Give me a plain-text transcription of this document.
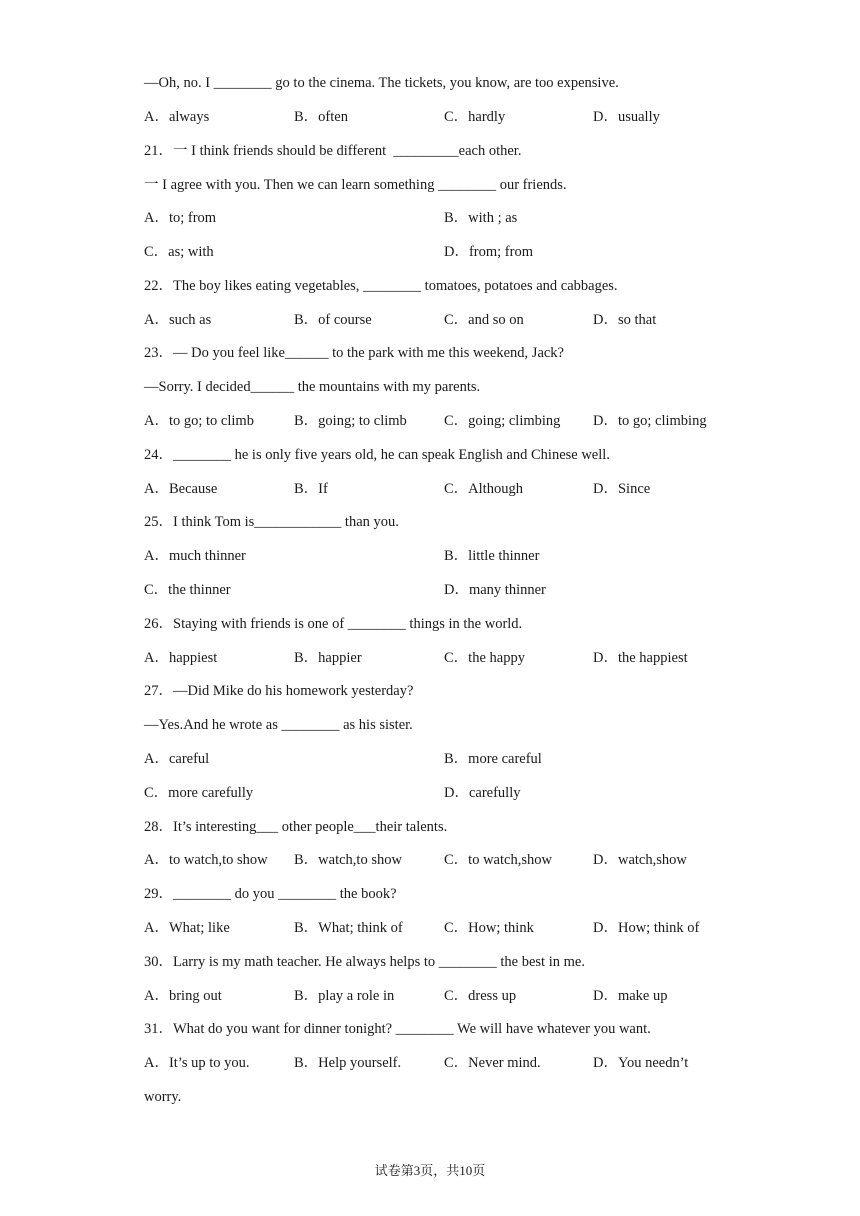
—Oh, no. I ________ go to the cinema. The tickets, you know, are too expensive.
A．always	B．often	C．hardly	D．usually
21．一 I think friends should be different  _________each other.
一 I agree with you. Then we can learn something ________ our friends.
A．to; from	B．with ; as
C．as; with	D．from; from
22．The boy likes eating vegetables, ________ tomatoes, potatoes and cabbages.
A．such as	B．of course	C．and so on	D．so that
23．— Do you feel like______ to the park with me this weekend, Jack?
—Sorry. I decided______ the mountains with my parents.
A．to go; to climb	B．going; to climb	C．going; climbing D．to go; climbing
24．________ he is only five years old, he can speak English and Chinese well.
A．Because	B．If	C．Although	D．Since
25．I think Tom is____________ than you.
A．much thinner	B．little thinner
C．the thinner	D．many thinner
26．Staying with friends is one of ________ things in the world.
A．happiest	B．happier	C．the happy	D．the happiest
27．—Did Mike do his homework yesterday?
—Yes.And he wrote as ________ as his sister.
A．careful	B．more careful
C．more carefully	D．carefully
28．It’s interesting___ other people___their talents.
A．to watch,to show B．watch,to show	C．to watch,show	D．watch,show
29．________ do you ________ the book?
A．What; like	B．What; think of	C．How; think	D．How; think of
30．Larry is my math teacher. He always helps to ________ the best in me.
A．bring out	B．play a role in	C．dress up	D．make up
31．What do you want for dinner tonight? ________ We will have whatever you want.
A．It’s up to you.	B．Help yourself.	C．Never mind.	D．You needn’t
worry.
试卷第3页，共10页
